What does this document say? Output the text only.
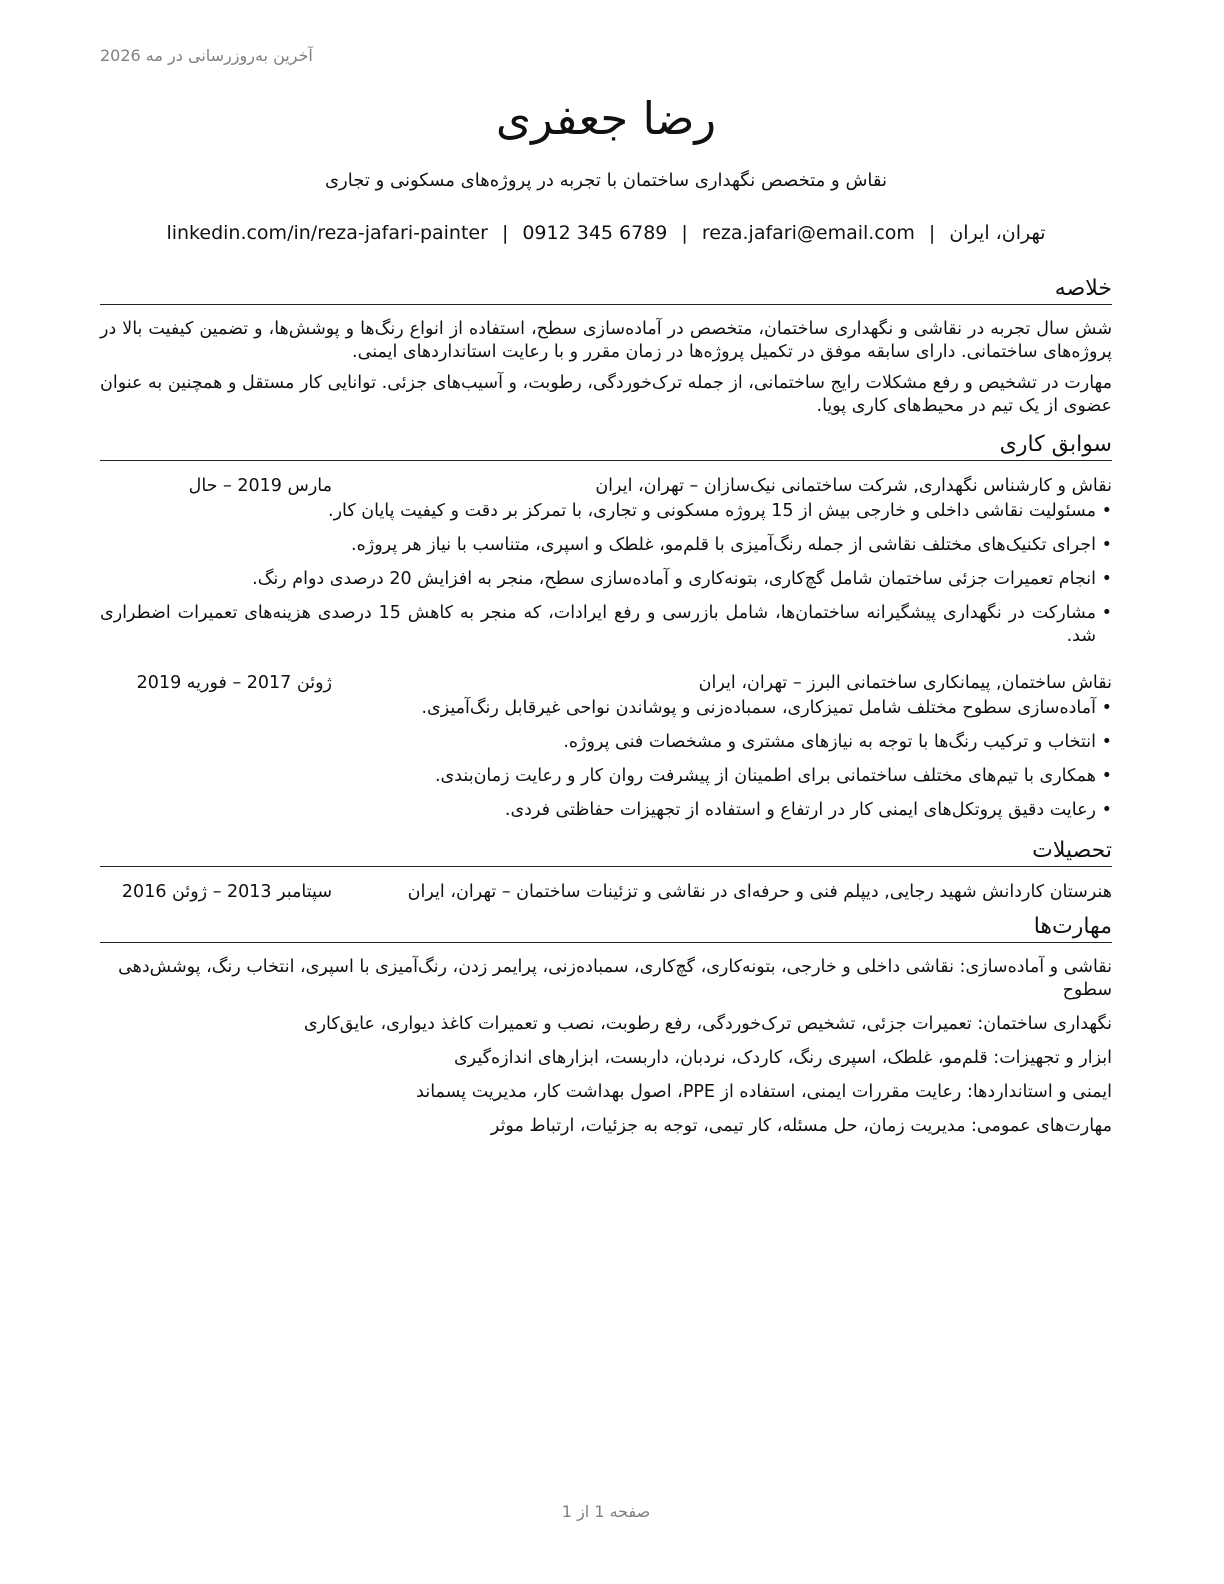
آخرین به‌روزرسانی در مه 2026
رضا جعفری
نقاش و متخصص نگهداری ساختمان با تجربه در پروژه‌های مسکونی و تجاری
تهران، ایران|reza.jafari@email.com|0912 345 6789|linkedin.com/in/reza-jafari-painter
خلاصه

شش سال تجربه در نقاشی و نگهداری ساختمان، متخصص در آماده‌سازی سطح، استفاده از انواع رنگ‌ها و پوشش‌ها، و تضمین کیفیت بالا در پروژه‌های ساختمانی. دارای سابقه موفق در تکمیل پروژه‌ها در زمان مقرر و با رعایت استانداردهای ایمنی.

مهارت در تشخیص و رفع مشکلات رایج ساختمانی، از جمله ترک‌خوردگی، رطوبت، و آسیب‌های جزئی. توانایی کار مستقل و همچنین به عنوان عضوی از یک تیم در محیط‌های کاری پویا.

سوابق کاری
نقاش و کارشناس نگهداری, شرکت ساختمانی نیک‌سازان – تهران، ایران
مارس 2019 – حال
• مسئولیت نقاشی داخلی و خارجی بیش از 15 پروژه مسکونی و تجاری، با تمرکز بر دقت و کیفیت پایان کار.
• اجرای تکنیک‌های مختلف نقاشی از جمله رنگ‌آمیزی با قلم‌مو، غلطک و اسپری، متناسب با نیاز هر پروژه.
• انجام تعمیرات جزئی ساختمان شامل گچ‌کاری، بتونه‌کاری و آماده‌سازی سطح، منجر به افزایش 20 درصدی دوام رنگ.
• مشارکت در نگهداری پیشگیرانه ساختمان‌ها، شامل بازرسی و رفع ایرادات، که منجر به کاهش 15 درصدی هزینه‌های تعمیرات اضطراری شد.
نقاش ساختمان, پیمانکاری ساختمانی البرز – تهران، ایران
ژوئن 2017 – فوریه 2019
• آماده‌سازی سطوح مختلف شامل تمیزکاری، سمباده‌زنی و پوشاندن نواحی غیرقابل رنگ‌آمیزی.
• انتخاب و ترکیب رنگ‌ها با توجه به نیازهای مشتری و مشخصات فنی پروژه.
• همکاری با تیم‌های مختلف ساختمانی برای اطمینان از پیشرفت روان کار و رعایت زمان‌بندی.
• رعایت دقیق پروتکل‌های ایمنی کار در ارتفاع و استفاده از تجهیزات حفاظتی فردی.
تحصیلات
هنرستان کاردانش شهید رجایی, دیپلم فنی و حرفه‌ای در نقاشی و تزئینات ساختمان – تهران، ایران
سپتامبر 2013 – ژوئن 2016
مهارت‌ها
نقاشی و آماده‌سازی: نقاشی داخلی و خارجی، بتونه‌کاری، گچ‌کاری، سمباده‌زنی، پرایمر زدن، رنگ‌آمیزی با اسپری، انتخاب رنگ، پوشش‌دهی سطوح
نگهداری ساختمان: تعمیرات جزئی، تشخیص ترک‌خوردگی، رفع رطوبت، نصب و تعمیرات کاغذ دیواری، عایق‌کاری
ابزار و تجهیزات: قلم‌مو، غلطک، اسپری رنگ، کاردک، نردبان، داربست، ابزارهای اندازه‌گیری
ایمنی و استانداردها: رعایت مقررات ایمنی، استفاده از PPE، اصول بهداشت کار، مدیریت پسماند
مهارت‌های عمومی: مدیریت زمان، حل مسئله، کار تیمی، توجه به جزئیات، ارتباط موثر
صفحه 1 از 1
